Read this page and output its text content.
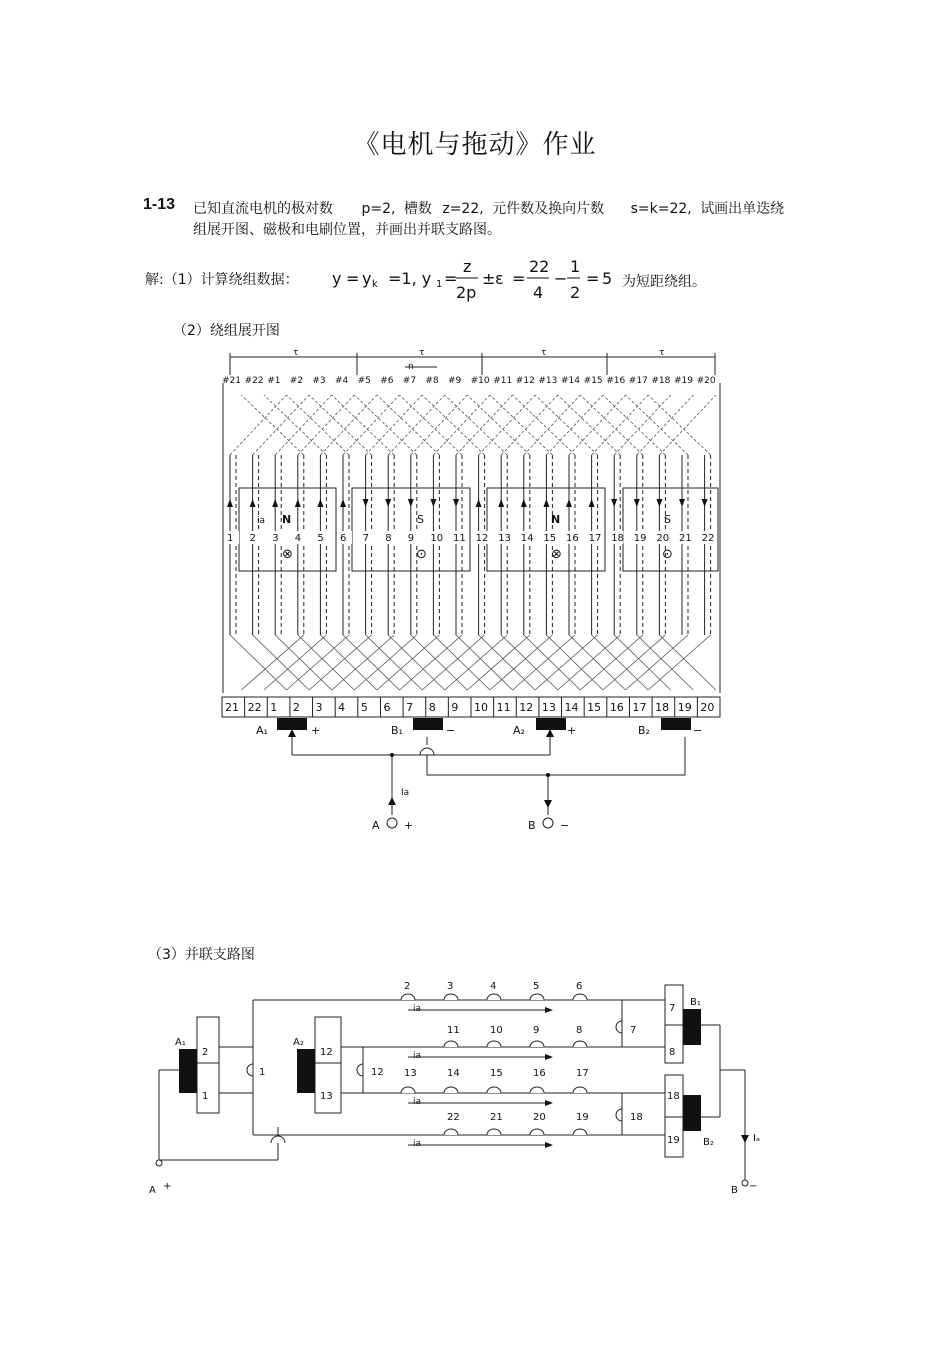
《电机与拖动》作业
1-13 已知直流电机的极对数 p=2, 槽数 z=22, 元件数及换向片数 s=k=22, 试画出单迭绕
组展开图、磁极和电刷位置，并画出并联支路图。
解:（1）计算绕组数据： y = y k =1, y 1 =
z
2p
± ε =
22
4
−
1
2
= 5 为短距绕组。
（2）绕组展开图
#21 #22 #1 #2 #3 #4 #5 #6 #7 #8 #9 #10 #11 #12 #13 #14 #15 #16 #17 #18 #19 #20
1 2 3 4 5 6 7 8 9 10 11 12 13 14 15 16 17 18 19 20 21 22
21 22 1 2 3 4 5 6 7 8 9 10 11 12 13 14 15 16 17 18 19 20
τ	τ	τ	τ
n
ia N	S	N	S
⊗	⊙	⊗	⊙
A₁	+	B₁	−	A₂	+	B₂	−
Ia
A +	B −
（3）并联支路图
2	3	4	5	6
ia
11	10	9	8
ia
13	14	15	16	17
ia
22	21	20	19
ia
A₁	A₂
B₁
B₂
2
1
12
13
7
8
18
19
1	12
7
18
Iₐ
A +	B −
